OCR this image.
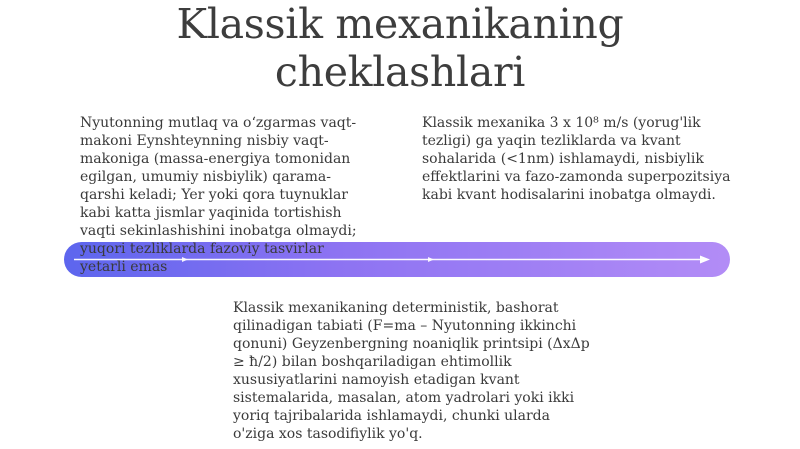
Klassik mexanikaning
cheklashlari

Nyutonning mutlaq va o‘zgarmas vaqt-makoni Eynshteynning nisbiy vaqt-makoniga (massa-energiya tomonidan egilgan, umumiy nisbiylik) qarama-qarshi keladi; Yer yoki qora tuynuklar kabi katta jismlar yaqinida tortishish vaqti sekinlashishini inobatga olmaydi; yuqori tezliklarda fazoviy tasvirlar yetarli emas

Klassik mexanika 3 x 10⁸ m/s (yorug'lik tezligi) ga yaqin tezliklarda va kvant sohalarida (<1nm) ishlamaydi, nisbiylik effektlarini va fazo-zamonda superpozitsiya kabi kvant hodisalarini inobatga olmaydi.

Klassik mexanikaning deterministik, bashorat qilinadigan tabiati (F=ma – Nyutonning ikkinchi qonuni) Geyzenbergning noaniqlik printsipi (ΔxΔp ≥ ħ/2) bilan boshqariladigan ehtimollik xususiyatlarini namoyish etadigan kvant sistemalarida, masalan, atom yadrolari yoki ikki yoriq tajribalarida ishlamaydi, chunki ularda o'ziga xos tasodifiylik yo'q.
